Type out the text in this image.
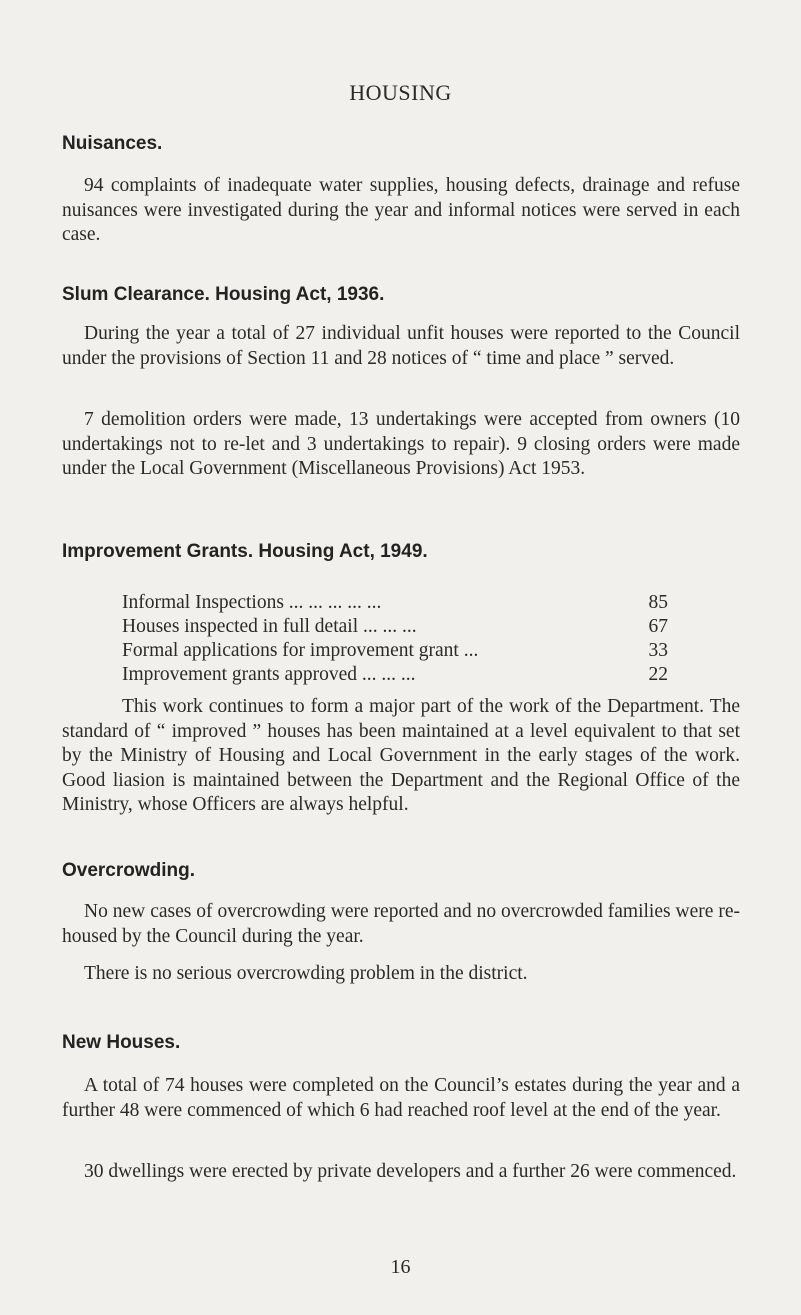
HOUSING
Nuisances.

94 complaints of inadequate water supplies, housing defects, drainage and refuse nuisances were investigated during the year and informal notices were served in each case.

Slum Clearance. Housing Act, 1936.

During the year a total of 27 individual unfit houses were reported to the Council under the provisions of Section 11 and 28 notices of “ time and place ” served.

7 demolition orders were made, 13 undertakings were accepted from owners (10 undertakings not to re-let and 3 undertakings to repair). 9 closing orders were made under the Local Government (Miscellaneous Provisions) Act 1953.

Improvement Grants. Housing Act, 1949.
Informal Inspections ... ... ... ... ...	85
Houses inspected in full detail ... ... ...	67
Formal applications for improvement grant ...	33
Improvement grants approved ... ... ...	22

This work continues to form a major part of the work of the Department. The standard of “ improved ” houses has been maintained at a level equivalent to that set by the Ministry of Housing and Local Government in the early stages of the work. Good liasion is maintained between the Department and the Regional Office of the Ministry, whose Officers are always helpful.

Overcrowding.

No new cases of overcrowding were reported and no overcrowded families were re-housed by the Council during the year.

There is no serious overcrowding problem in the district.

New Houses.

A total of 74 houses were completed on the Council’s estates during the year and a further 48 were commenced of which 6 had reached roof level at the end of the year.

30 dwellings were erected by private developers and a further 26 were commenced.

16
